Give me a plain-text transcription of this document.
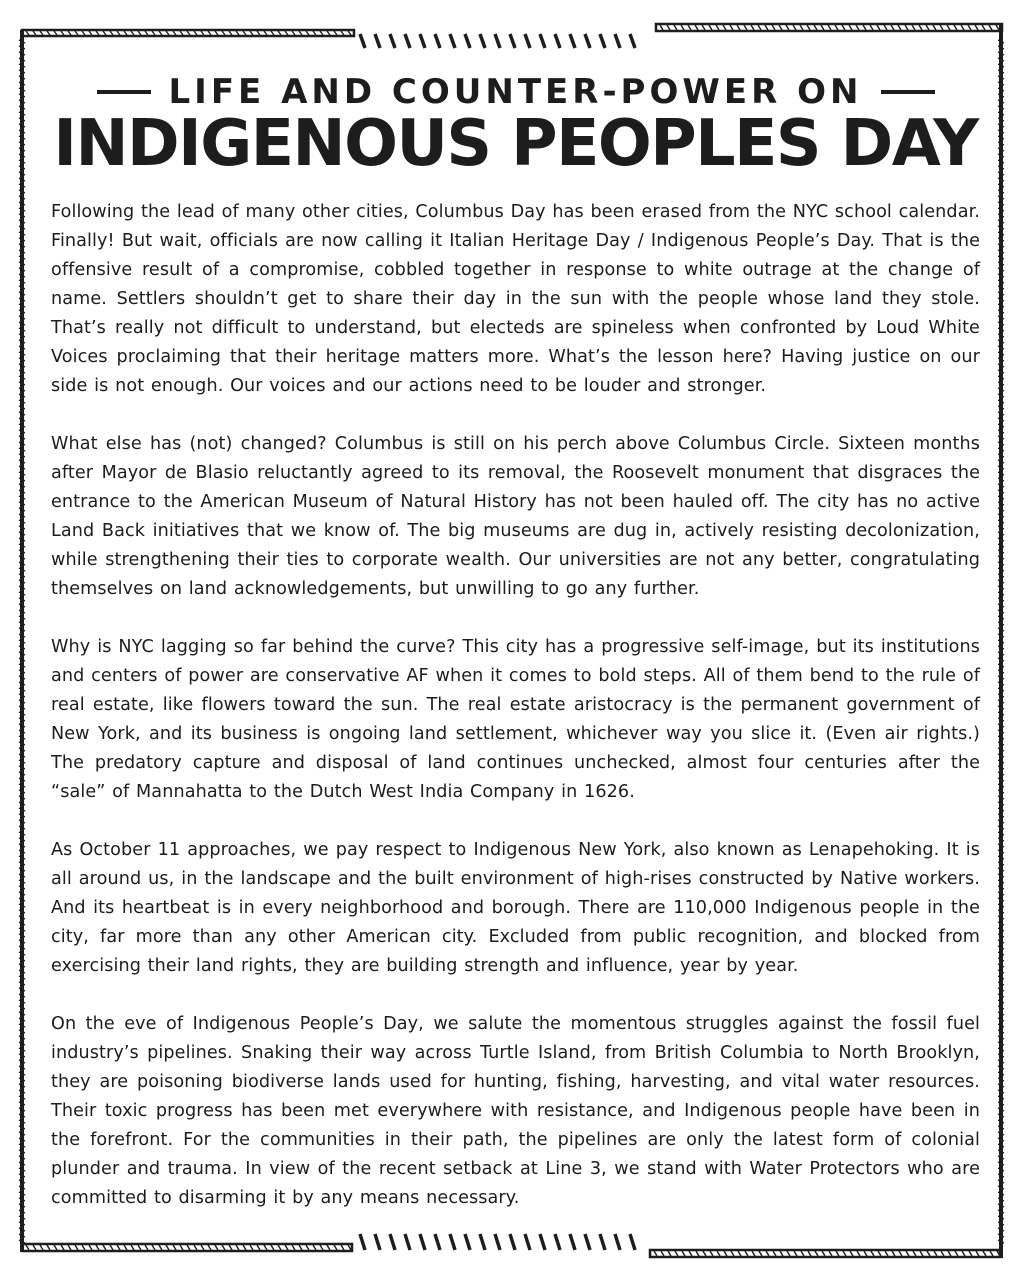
LIFE AND COUNTER-POWER ON
INDIGENOUS PEOPLES DAY

Following the lead of many other cities, Columbus Day has been erased from the NYC school calendar. Finally! But wait, officials are now calling it Italian Heritage Day / Indigenous People’s Day. That is the offensive result of a compromise, cobbled together in response to white outrage at the change of name. Settlers shouldn’t get to share their day in the sun with the people whose land they stole. That’s really not difficult to understand, but electeds are spineless when confronted by Loud White Voices proclaiming that their heritage matters more. What’s the lesson here? Having justice on our side is not enough. Our voices and our actions need to be louder and stronger.

What else has (not) changed? Columbus is still on his perch above Columbus Circle. Sixteen months after Mayor de Blasio reluctantly agreed to its removal, the Roosevelt monument that disgraces the entrance to the American Museum of Natural History has not been hauled off. The city has no active Land Back initiatives that we know of. The big museums are dug in, actively resisting decolonization, while strengthening their ties to corporate wealth. Our universities are not any better, congratulating themselves on land acknowledgements, but unwilling to go any further.

Why is NYC lagging so far behind the curve? This city has a progressive self-image, but its institutions and centers of power are conservative AF when it comes to bold steps. All of them bend to the rule of real estate, like flowers toward the sun. The real estate aristocracy is the permanent government of New York, and its business is ongoing land settlement, whichever way you slice it. (Even air rights.) The predatory capture and disposal of land continues unchecked, almost four centuries after the “sale” of Mannahatta to the Dutch West India Company in 1626.

As October 11 approaches, we pay respect to Indigenous New York, also known as Lenapehoking. It is all around us, in the landscape and the built environment of high-rises constructed by Native workers. And its heartbeat is in every neighborhood and borough. There are 110,000 Indigenous people in the city, far more than any other American city. Excluded from public recognition, and blocked from exercising their land rights, they are building strength and influence, year by year.

On the eve of Indigenous People’s Day, we salute the momentous struggles against the fossil fuel industry’s pipelines. Snaking their way across Turtle Island, from British Columbia to North Brooklyn, they are poisoning biodiverse lands used for hunting, fishing, harvesting, and vital water resources. Their toxic progress has been met everywhere with resistance, and Indigenous people have been in the forefront. For the communities in their path, the pipelines are only the latest form of colonial plunder and trauma. In view of the recent setback at Line 3, we stand with Water Protectors who are committed to disarming it by any means necessary.
